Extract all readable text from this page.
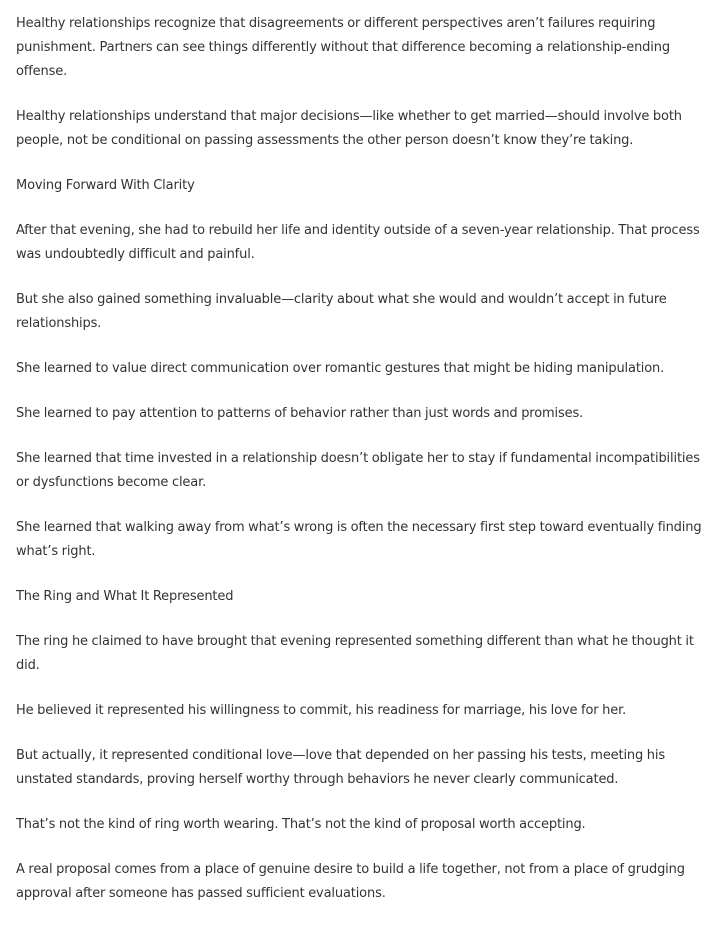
Healthy relationships recognize that disagreements or different perspectives aren’t failures requiring punishment. Partners can see things differently without that difference becoming a relationship-ending offense.

Healthy relationships understand that major decisions—like whether to get married—should involve both people, not be conditional on passing assessments the other person doesn’t know they’re taking.

Moving Forward With Clarity

After that evening, she had to rebuild her life and identity outside of a seven-year relationship. That process was undoubtedly difficult and painful.

But she also gained something invaluable—clarity about what she would and wouldn’t accept in future relationships.

She learned to value direct communication over romantic gestures that might be hiding manipulation.

She learned to pay attention to patterns of behavior rather than just words and promises.

She learned that time invested in a relationship doesn’t obligate her to stay if fundamental incompatibilities or dysfunctions become clear.

She learned that walking away from what’s wrong is often the necessary first step toward eventually finding what’s right.

The Ring and What It Represented

The ring he claimed to have brought that evening represented something different than what he thought it did.

He believed it represented his willingness to commit, his readiness for marriage, his love for her.

But actually, it represented conditional love—love that depended on her passing his tests, meeting his unstated standards, proving herself worthy through behaviors he never clearly communicated.

That’s not the kind of ring worth wearing. That’s not the kind of proposal worth accepting.

A real proposal comes from a place of genuine desire to build a life together, not from a place of grudging approval after someone has passed sufficient evaluations.
